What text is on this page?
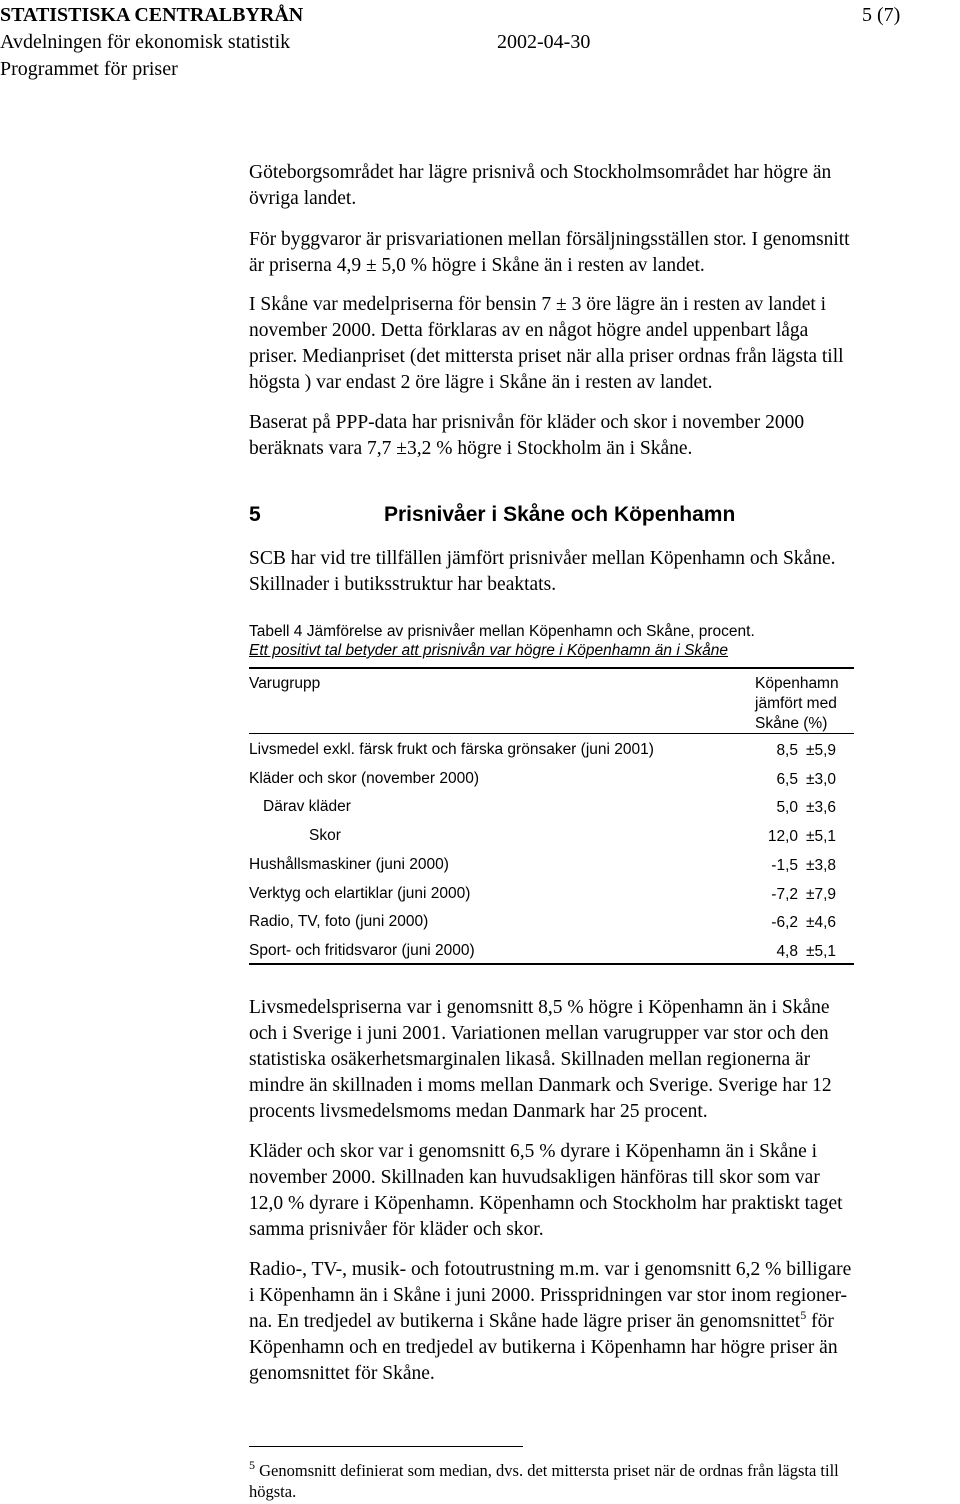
STATISTISKA CENTRALBYRÅN	5 (7)
Avdelningen för ekonomisk statistik	2002-04-30
Programmet för priser
Göteborgsområdet har lägre prisnivå och Stockholmsområdet har högre än
övriga landet.
För byggvaror är prisvariationen mellan försäljningsställen stor. I genomsnitt
är priserna 4,9 ± 5,0 % högre i Skåne än i resten av landet.
I Skåne var medelpriserna för bensin 7 ± 3 öre lägre än i resten av landet i
november 2000. Detta förklaras av en något högre andel uppenbart låga
priser. Medianpriset (det mittersta priset när alla priser ordnas från lägsta till
högsta ) var endast 2 öre lägre i Skåne än i resten av landet.
Baserat på PPP-data har prisnivån för kläder och skor i november 2000
beräknats vara 7,7 ±3,2 % högre i Stockholm än i Skåne.
5	Prisnivåer i Skåne och Köpenhamn
SCB har vid tre tillfällen jämfört prisnivåer mellan Köpenhamn och Skåne.
Skillnader i butiksstruktur har beaktats.
Tabell 4 Jämförelse av prisnivåer mellan Köpenhamn och Skåne, procent.
Ett positivt tal betyder att prisnivån var högre i Köpenhamn än i Skåne
Varugrupp	Köpenhamn
jämfört med
Skåne (%)
Livsmedel exkl. färsk frukt och färska grönsaker (juni 2001)	8,5 ±5,9
Kläder och skor (november 2000)	6,5 ±3,0
Därav kläder	5,0 ±3,6
Skor	12,0 ±5,1
Hushållsmaskiner (juni 2000)	-1,5 ±3,8
Verktyg och elartiklar (juni 2000)	-7,2 ±7,9
Radio, TV, foto (juni 2000)	-6,2 ±4,6
Sport- och fritidsvaror (juni 2000)	4,8 ±5,1
Livsmedelspriserna var i genomsnitt 8,5 % högre i Köpenhamn än i Skåne
och i Sverige i juni 2001. Variationen mellan varugrupper var stor och den
statistiska osäkerhetsmarginalen likaså. Skillnaden mellan regionerna är
mindre än skillnaden i moms mellan Danmark och Sverige. Sverige har 12
procents livsmedelsmoms medan Danmark har 25 procent.
Kläder och skor var i genomsnitt 6,5 % dyrare i Köpenhamn än i Skåne i
november 2000. Skillnaden kan huvudsakligen hänföras till skor som var
12,0 % dyrare i Köpenhamn. Köpenhamn och Stockholm har praktiskt taget
samma prisnivåer för kläder och skor.
Radio-, TV-, musik- och fotoutrustning m.m. var i genomsnitt 6,2 % billigare
i Köpenhamn än i Skåne i juni 2000. Prisspridningen var stor inom regioner-
na. En tredjedel av butikerna i Skåne hade lägre priser än genomsnittet$^5$ för
Köpenhamn och en tredjedel av butikerna i Köpenhamn har högre priser än
genomsnittet för Skåne.
$^5$ Genomsnitt definierat som median, dvs. det mittersta priset när de ordnas från lägsta till
högsta.
